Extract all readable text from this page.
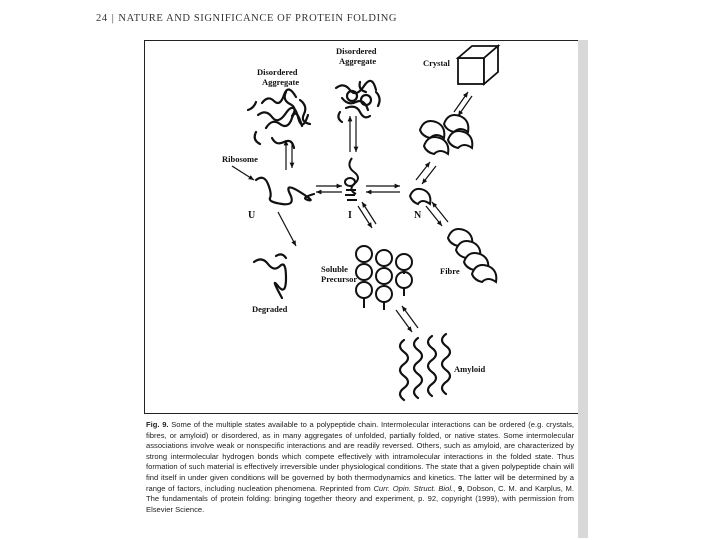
24 | NATURE AND SIGNIFICANCE OF PROTEIN FOLDING
Disordered
Aggregate
Disordered
Aggregate	Crystal
Ribosome
U	I	N
Fibre
Soluble
Precursor
Degraded
Amyloid
Fig. 9. Some of the multiple states available to a polypeptide chain. Intermolecular interactions can be ordered (e.g. crystals, fibres, or amyloid) or disordered, as in many aggregates of unfolded, partially folded, or native states. Some intermolecular associations involve weak or nonspecific interactions and are readily reversed. Others, such as amyloid, are characterized by strong intermolecular hydrogen bonds which compete effectively with intramolecular interactions in the folded state. Thus formation of such material is effectively irreversible under physiological conditions. The state that a given polypeptide chain will find itself in under given conditions will be governed by both thermodynamics and kinetics. The latter will be determined by a range of factors, including nucleation phenomena. Reprinted from Curr. Opin. Struct. Biol., 9, Dobson, C. M. and Karplus, M. The fundamentals of protein folding: bringing together theory and experiment, p. 92, copyright (1999), with permission from Elsevier Science.
